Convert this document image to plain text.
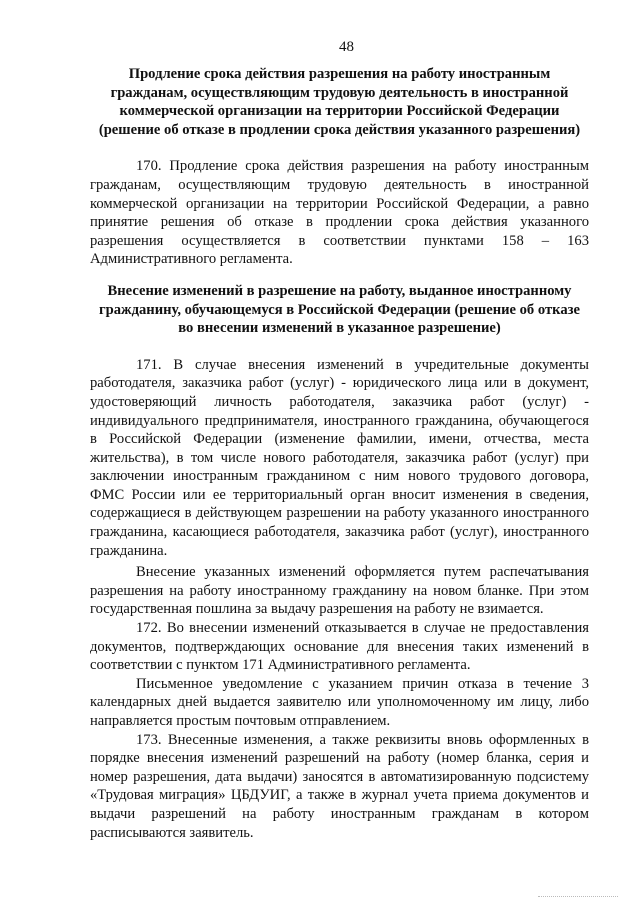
48
Продление срока действия разрешения на работу иностранным
гражданам, осуществляющим трудовую деятельность в иностранной
коммерческой организации на территории Российской Федерации
(решение об отказе в продлении срока действия указанного разрешения)

170. Продление срока действия разрешения на работу иностранным гражданам, осуществляющим трудовую деятельность в иностранной коммерческой организации на территории Российской Федерации, а равно принятие решения об отказе в продлении срока действия указанного разрешения осуществляется в соответствии пунктами 158 – 163 Административного регламента.

Внесение изменений в разрешение на работу, выданное иностранному
гражданину, обучающемуся в Российской Федерации (решение об отказе
во внесении изменений в указанное разрешение)

171. В случае внесения изменений в учредительные документы работодателя, заказчика работ (услуг) - юридического лица или в документ, удостоверяющий личность работодателя, заказчика работ (услуг) - индивидуального предпринимателя, иностранного гражданина, обучающегося в Российской Федерации (изменение фамилии, имени, отчества, места жительства), в том числе нового работодателя, заказчика работ (услуг) при заключении иностранным гражданином с ним нового трудового договора, ФМС России или ее территориальный орган вносит изменения в сведения, содержащиеся в действующем разрешении на работу указанного иностранного гражданина, касающиеся работодателя, заказчика работ (услуг), иностранного гражданина.

Внесение указанных изменений оформляется путем распечатывания разрешения на работу иностранному гражданину на новом бланке. При этом государственная пошлина за выдачу разрешения на работу не взимается.

172. Во внесении изменений отказывается в случае не предоставления документов, подтверждающих основание для внесения таких изменений в соответствии с пунктом 171 Административного регламента.

Письменное уведомление с указанием причин отказа в течение 3 календарных дней выдается заявителю или уполномоченному им лицу, либо направляется простым почтовым отправлением.

173. Внесенные изменения, а также реквизиты вновь оформленных в порядке внесения изменений разрешений на работу (номер бланка, серия и номер разрешения, дата выдачи) заносятся в автоматизированную подсистему «Трудовая миграция» ЦБДУИГ, а также в журнал учета приема документов и выдачи разрешений на работу иностранным гражданам в котором расписываются заявитель.
